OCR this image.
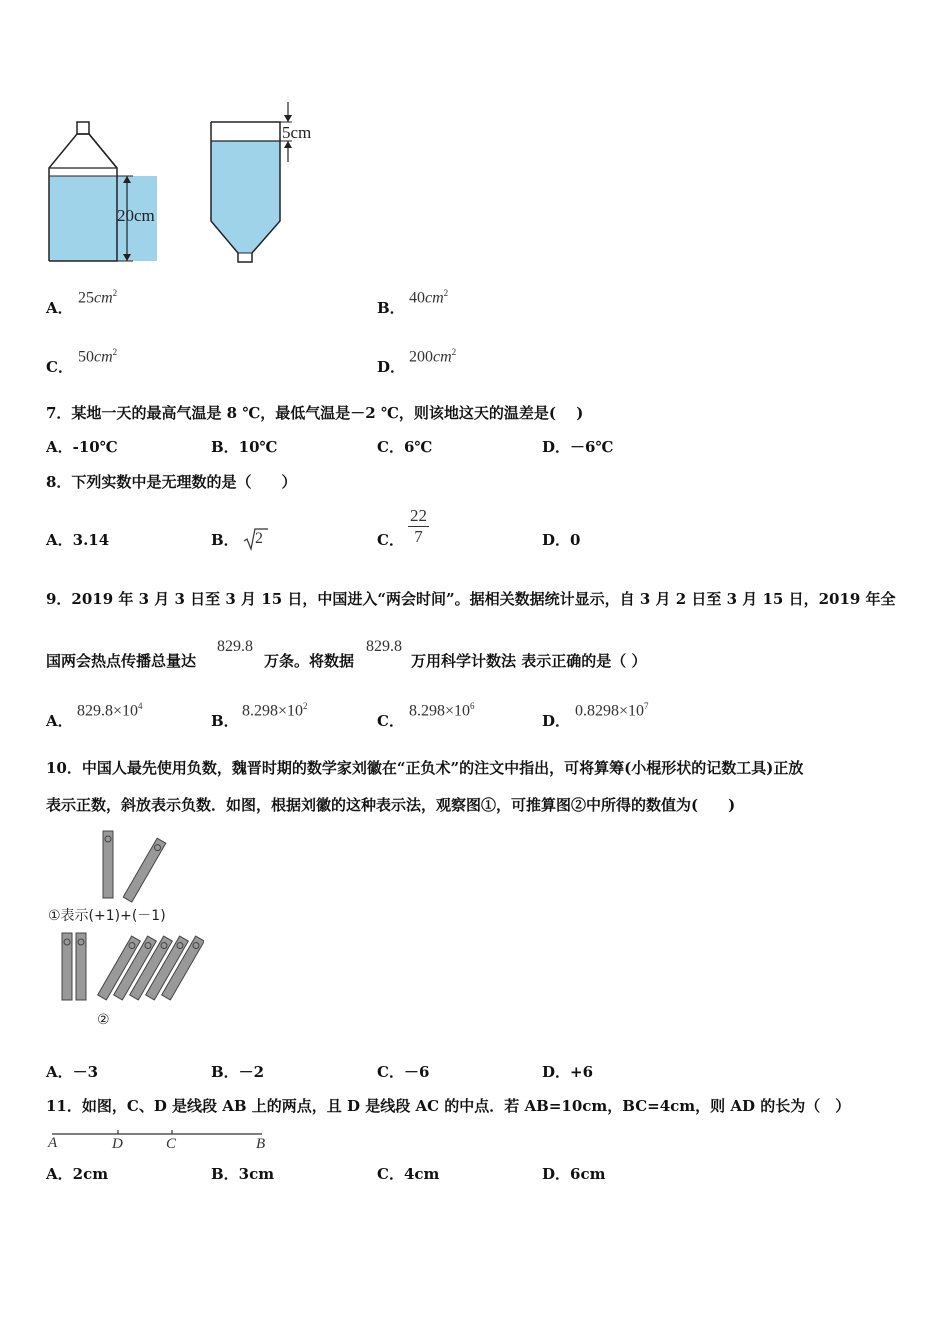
20cm
5cm
A．
$25cm^2$
B．
$40cm^2$
C．
$50cm^2$
D．
$200cm^2$
7．某地一天的最高气温是 8 ℃，最低气温是－2 ℃，则该地这天的温差是(　 )
A．-10℃	B．10℃	C．6℃	D．－6℃
8．下列实数中是无理数的是（　　）
A．3.14	B． 2	C． $\frac{22}{7}$	D．0
9．2019 年 3 月 3 日至 3 月 15 日，中国进入“两会时间”。据相关数据统计显示，自 3 月 2 日至 3 月 15 日，2019 年全
国两会热点传播总量达
829.8
万条。将数据
829.8
万用科学计数法 表示正确的是（ ）
A．
$829.8\times 10^4$
B．
$8.298\times 10^2$
C．
$8.298\times 10^6$
D．
$0.8298\times 10^7$
10．中国人最先使用负数，魏晋时期的数学家刘徽在“正负术”的注文中指出，可将算筹(小棍形状的记数工具)正放
表示正数，斜放表示负数．如图，根据刘徽的这种表示法，观察图①，可推算图②中所得的数值为(　　)
①表示(+1)+(－1)
②
A．－3	B．－2	C．－6	D．+6
11．如图，C、D 是线段 AB 上的两点，且 D 是线段 AC 的中点．若 AB=10cm，BC=4cm，则 AD 的长为（　）
A	D	C	B
A．2cm	B．3cm	C．4cm	D．6cm
